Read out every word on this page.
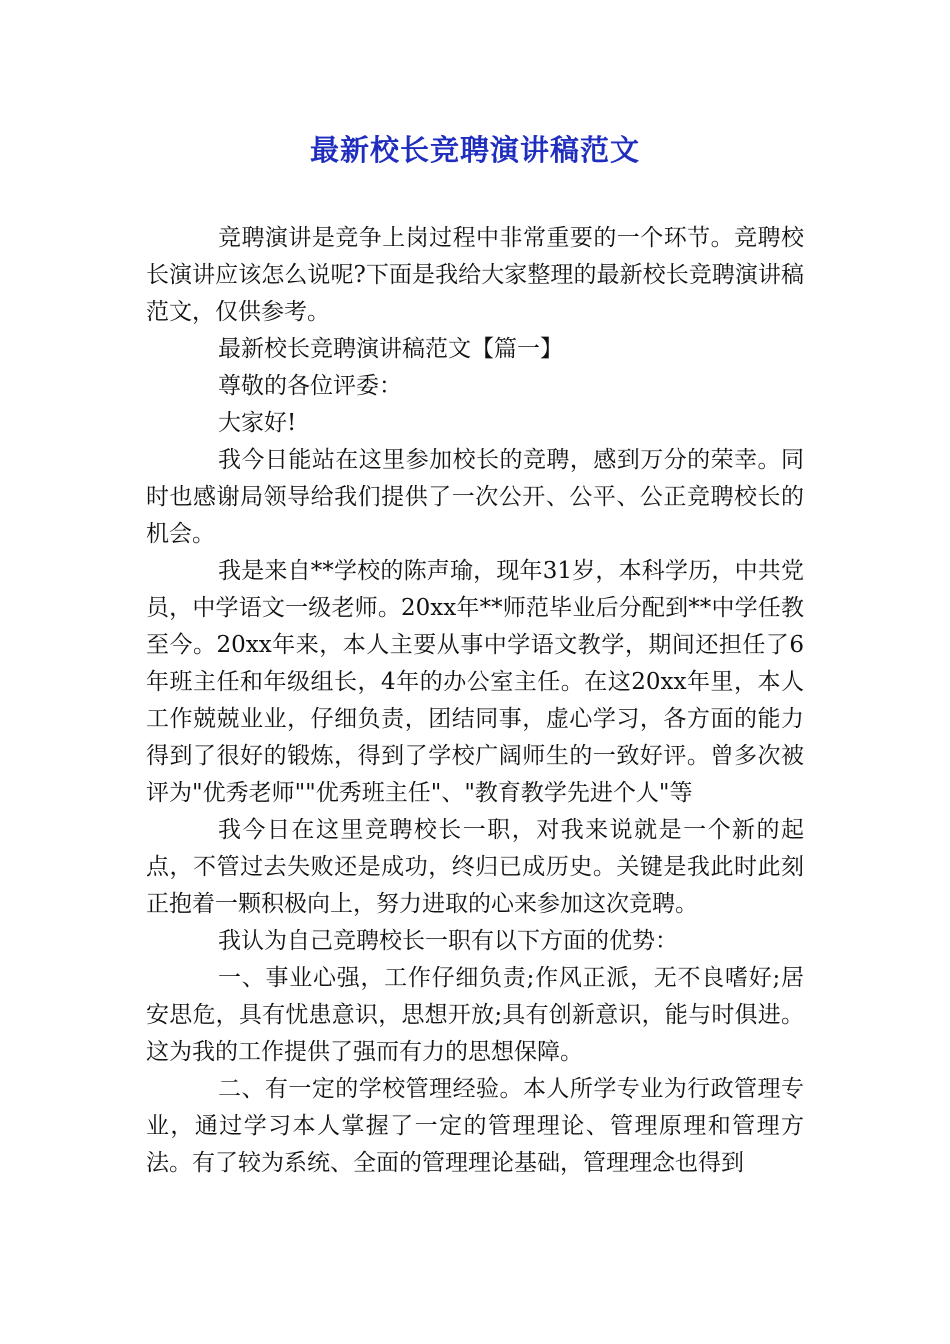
最新校长竞聘演讲稿范文

竞聘演讲是竞争上岗过程中非常重要的一个环节。竞聘校长演讲应该怎么说呢?下面是我给大家整理的最新校长竞聘演讲稿范文，仅供参考。

最新校长竞聘演讲稿范文【篇一】

尊敬的各位评委：

大家好!

我今日能站在这里参加校长的竞聘，感到万分的荣幸。同时也感谢局领导给我们提供了一次公开、公平、公正竞聘校长的机会。

我是来自**学校的陈声瑜，现年31岁，本科学历，中共党员，中学语文一级老师。20xx年**师范毕业后分配到**中学任教至今。20xx年来，本人主要从事中学语文教学，期间还担任了6年班主任和年级组长，4年的办公室主任。在这20xx年里，本人工作兢兢业业，仔细负责，团结同事，虚心学习，各方面的能力得到了很好的锻炼，得到了学校广阔师生的一致好评。曾多次被评为"优秀老师""优秀班主任"、"教育教学先进个人"等

我今日在这里竞聘校长一职，对我来说就是一个新的起点，不管过去失败还是成功，终归已成历史。关键是我此时此刻正抱着一颗积极向上，努力进取的心来参加这次竞聘。

我认为自己竞聘校长一职有以下方面的优势：

一、事业心强，工作仔细负责;作风正派，无不良嗜好;居安思危，具有忧患意识，思想开放;具有创新意识，能与时俱进。这为我的工作提供了强而有力的思想保障。

二、有一定的学校管理经验。本人所学专业为行政管理专业，通过学习本人掌握了一定的管理理论、管理原理和管理方法。有了较为系统、全面的管理理论基础，管理理念也得到
